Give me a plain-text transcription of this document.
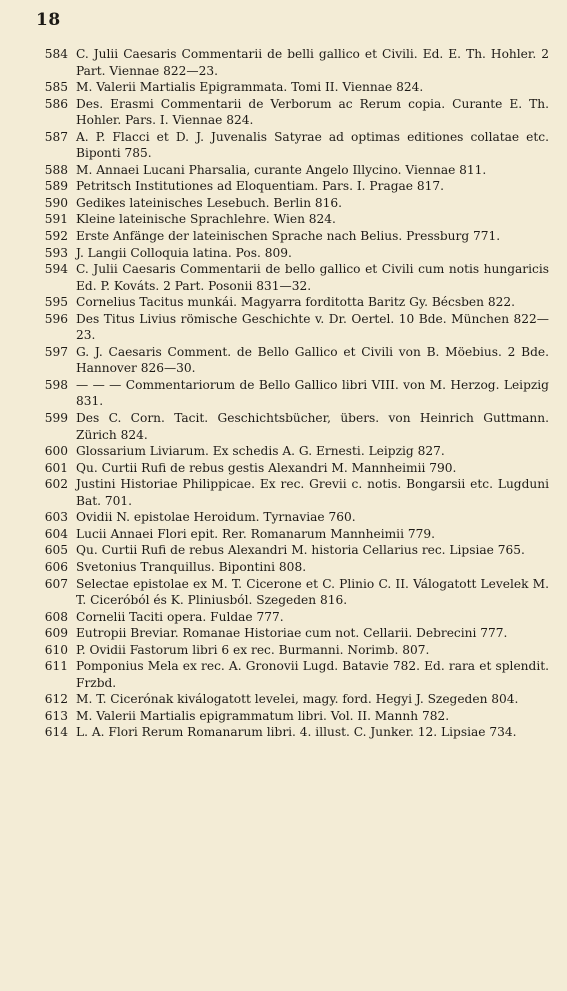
18
584 C. Julii Caesaris Commentarii de belli gallico et Civili. Ed. E. Th. Hohler. 2 Part. Viennae 822—23.
585 M. Valerii Martialis Epigrammata. Tomi II. Viennae 824.
586 Des. Erasmi Commentarii de Verborum ac Rerum copia. Curante E. Th. Hohler. Pars. I. Viennae 824.
587 A. P. Flacci et D. J. Juvenalis Satyrae ad optimas editiones collatae etc. Biponti 785.
588 M. Annaei Lucani Pharsalia, curante Angelo Illycino. Viennae 811.
589 Petritsch Institutiones ad Eloquentiam. Pars. I. Pragae 817.
590 Gedikes lateinisches Lesebuch. Berlin 816.
591 Kleine lateinische Sprachlehre. Wien 824.
592 Erste Anfänge der lateinischen Sprache nach Belius. Pressburg 771.
593 J. Langii Colloquia latina. Pos. 809.
594 C. Julii Caesaris Commentarii de bello gallico et Civili cum notis hungaricis Ed. P. Kováts. 2 Part. Posonii 831—32.
595 Cornelius Tacitus munkái. Magyarra forditotta Baritz Gy. Bécsben 822.
596 Des Titus Livius römische Geschichte v. Dr. Oertel. 10 Bde. München 822—23.
597 G. J. Caesaris Comment. de Bello Gallico et Civili von B. Möebius. 2 Bde. Hannover 826—30.
598 — — — Commentariorum de Bello Gallico libri VIII. von M. Herzog. Leipzig 831.
599 Des C. Corn. Tacit. Geschichtsbücher, übers. von Heinrich Guttmann. Zürich 824.
600 Glossarium Liviarum. Ex schedis A. G. Ernesti. Leipzig 827.
601 Qu. Curtii Rufi de rebus gestis Alexandri M. Mannheimii 790.
602 Justini Historiae Philippicae. Ex rec. Grevii c. notis. Bongarsii etc. Lugduni Bat. 701.
603 Ovidii N. epistolae Heroidum. Tyrnaviae 760.
604 Lucii Annaei Flori epit. Rer. Romanarum Mannheimii 779.
605 Qu. Curtii Rufi de rebus Alexandri M. historia Cellarius rec. Lipsiae 765.
606 Svetonius Tranquillus. Bipontini 808.
607 Selectae epistolae ex M. T. Cicerone et C. Plinio C. II. Válogatott Levelek M. T. Ciceróból és K. Pliniusból. Szegeden 816.
608 Cornelii Taciti opera. Fuldae 777.
609 Eutropii Breviar. Romanae Historiae cum not. Cellarii. Debrecini 777.
610 P. Ovidii Fastorum libri 6 ex rec. Burmanni. Norimb. 807.
611 Pomponius Mela ex rec. A. Gronovii Lugd. Batavie 782. Ed. rara et splendit. Frzbd.
612 M. T. Cicerónak kiválogatott levelei, magy. ford. Hegyi J. Szegeden 804.
613 M. Valerii Martialis epigrammatum libri. Vol. II. Mannh 782.
614 L. A. Flori Rerum Romanarum libri. 4. illust. C. Junker. 12. Lipsiae 734.
